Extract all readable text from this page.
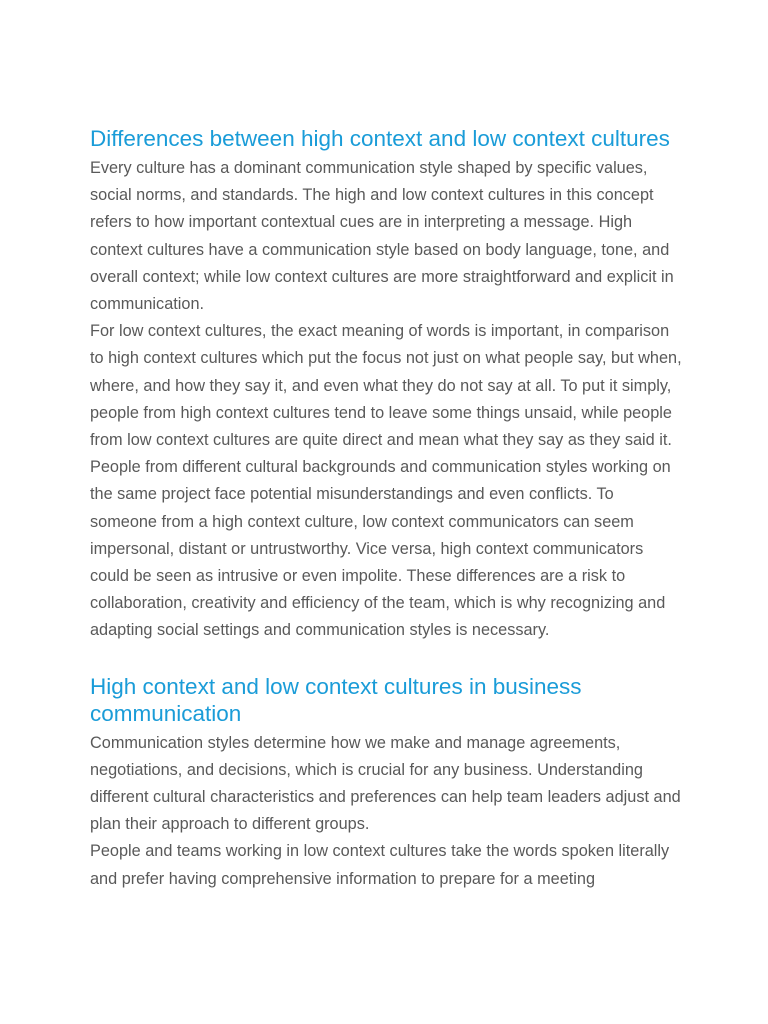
Differences between high context and low context cultures

Every culture has a dominant communication style shaped by specific values, social norms, and standards. The high and low context cultures in this concept refers to how important contextual cues are in interpreting a message. High context cultures have a communication style based on body language, tone, and overall context; while low context cultures are more straightforward and explicit in communication.

For low context cultures, the exact meaning of words is important, in comparison to high context cultures which put the focus not just on what people say, but when, where, and how they say it, and even what they do not say at all. To put it simply, people from high context cultures tend to leave some things unsaid, while people from low context cultures are quite direct and mean what they say as they said it.

People from different cultural backgrounds and communication styles working on the same project face potential misunderstandings and even conflicts. To someone from a high context culture, low context communicators can seem impersonal, distant or untrustworthy. Vice versa, high context communicators could be seen as intrusive or even impolite. These differences are a risk to collaboration, creativity and efficiency of the team, which is why recognizing and adapting social settings and communication styles is necessary.

High context and low context cultures in business communication

Communication styles determine how we make and manage agreements, negotiations, and decisions, which is crucial for any business. Understanding different cultural characteristics and preferences can help team leaders adjust and plan their approach to different groups.

People and teams working in low context cultures take the words spoken literally and prefer having comprehensive information to prepare for a meeting
